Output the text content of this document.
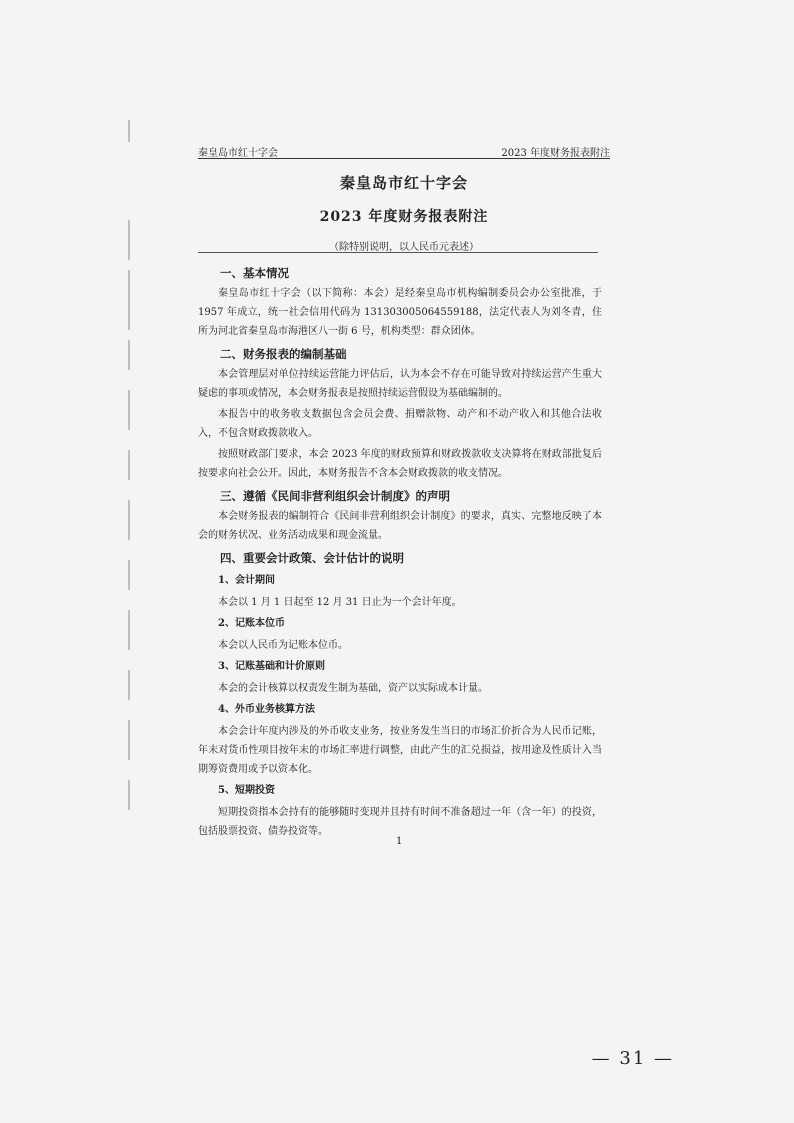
秦皇岛市红十字会	2023 年度财务报表附注
秦皇岛市红十字会
2023 年度财务报表附注
（除特别说明，以人民币元表述）
一、基本情况

秦皇岛市红十字会（以下简称：本会）是经秦皇岛市机构编制委员会办公室批准，于 1957 年成立，统一社会信用代码为 131303005064559188，法定代表人为刘冬青，住所为河北省秦皇岛市海港区八一街 6 号，机构类型：群众团体。

二、财务报表的编制基础

本会管理层对单位持续运营能力评估后，认为本会不存在可能导致对持续运营产生重大疑虑的事项或情况，本会财务报表是按照持续运营假设为基础编制的。

本报告中的收务收支数据包含会员会费、捐赠款物、动产和不动产收入和其他合法收入，不包含财政拨款收入。

按照财政部门要求，本会 2023 年度的财政预算和财政拨款收支决算将在财政部批复后按要求向社会公开。因此，本财务报告不含本会财政拨款的收支情况。

三、遵循《民间非营利组织会计制度》的声明

本会财务报表的编制符合《民间非营利组织会计制度》的要求，真实、完整地反映了本会的财务状况、业务活动成果和现金流量。

四、重要会计政策、会计估计的说明
1、会计期间

本会以 1 月 1 日起至 12 月 31 日止为一个会计年度。

2、记账本位币

本会以人民币为记账本位币。

3、记账基础和计价原则

本会的会计核算以权责发生制为基础，资产以实际成本计量。

4、外币业务核算方法

本会会计年度内涉及的外币收支业务，按业务发生当日的市场汇价折合为人民币记账，年末对货币性项目按年末的市场汇率进行调整，由此产生的汇兑损益，按用途及性质计入当期筹资费用或予以资本化。

5、短期投资

短期投资指本会持有的能够随时变现并且持有时间不准备超过一年（含一年）的投资，包括股票投资、债券投资等。

1
— 31 —
